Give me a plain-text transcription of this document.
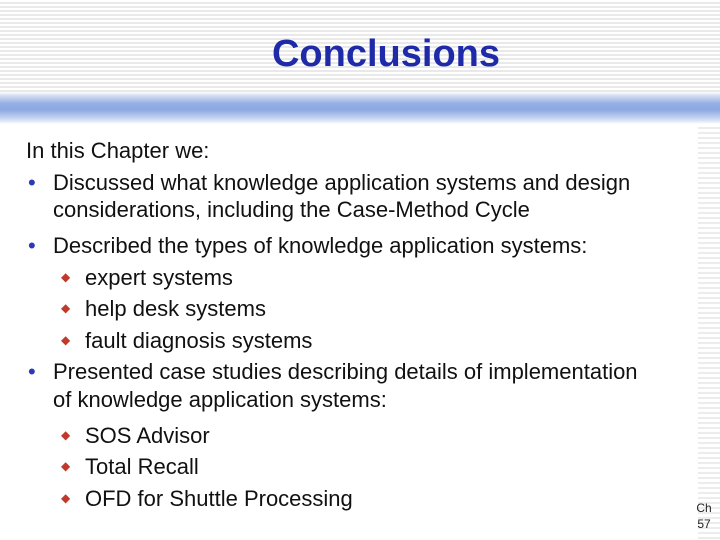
Conclusions
In this Chapter we:
• Discussed what knowledge application systems and design
considerations, including the Case-Method Cycle
• Described the types of knowledge application systems:
◆ expert systems
◆ help desk systems
◆ fault diagnosis systems
• Presented case studies describing details of implementation
of knowledge application systems:
◆ SOS Advisor
◆ Total Recall
◆ OFD for Shuttle Processing	Ch
57
